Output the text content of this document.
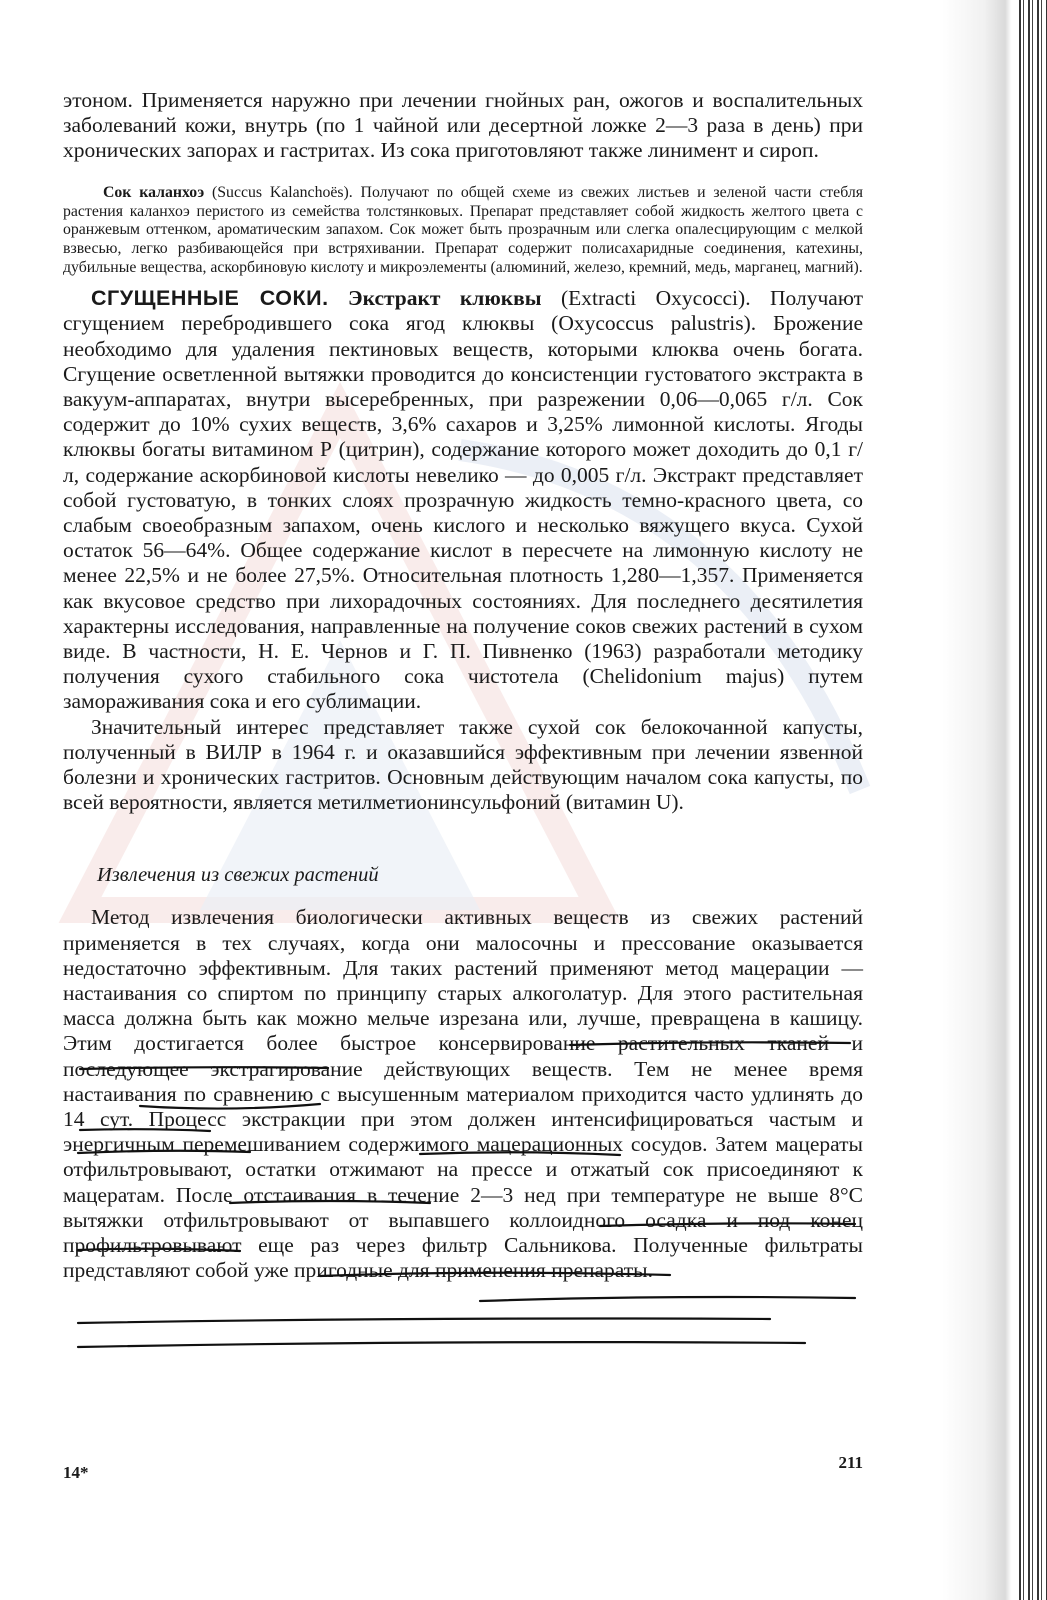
этоном. Применяется наружно при лечении гнойных ран, ожогов и воспалительных заболеваний кожи, внутрь (по 1 чайной или десертной ложке 2—3 раза в день) при хронических запорах и гастритах. Из сока приготовляют также линимент и сироп.

Сок каланхоэ (Succus Kalanchoës). Получают по общей схеме из свежих листьев и зеленой части стебля растения каланхоэ перистого из семейства толстянковых. Препарат представляет собой жидкость желтого цвета с оранжевым оттенком, ароматическим запахом. Сок может быть прозрачным или слегка опалесцирующим с мелкой взвесью, легко разбивающейся при встряхивании. Препарат содержит полисахаридные соединения, катехины, дубильные вещества, аскорбиновую кислоту и микроэлементы (алюминий, железо, кремний, медь, марганец, магний).

СГУЩЕННЫЕ СОКИ. Экстракт клюквы (Extracti Oxycocci). Получают сгущением перебродившего сока ягод клюквы (Oxycoccus palustris). Брожение необходимо для удаления пектиновых веществ, которыми клюква очень богата. Сгущение осветленной вытяжки проводится до консистенции густоватого экстракта в вакуум-аппаратах, внутри высеребренных, при разрежении 0,06—0,065 г/л. Сок содержит до 10% сухих веществ, 3,6% сахаров и 3,25% лимонной кислоты. Ягоды клюквы богаты витамином Р (цитрин), содержание которого может доходить до 0,1 г/л, содержание аскорбиновой кислоты невелико — до 0,005 г/л. Экстракт представляет собой густоватую, в тонких слоях прозрачную жидкость темно-красного цвета, со слабым своеобразным запахом, очень кислого и несколько вяжущего вкуса. Сухой остаток 56—64%. Общее содержание кислот в пересчете на лимонную кислоту не менее 22,5% и не более 27,5%. Относительная плотность 1,280—1,357. Применяется как вкусовое средство при лихорадочных состояниях. Для последнего десятилетия характерны исследования, направленные на получение соков свежих растений в сухом виде. В частности, Н. Е. Чернов и Г. П. Пивненко (1963) разработали методику получения сухого стабильного сока чистотела (Chelidonium majus) путем замораживания сока и его сублимации.

Значительный интерес представляет также сухой сок белокочанной капусты, полученный в ВИЛР в 1964 г. и оказавшийся эффективным при лечении язвенной болезни и хронических гастритов. Основным действующим началом сока капусты, по всей вероятности, является метилметионинсульфоний (витамин U).

Извлечения из свежих растений

Метод извлечения биологически активных веществ из свежих растений применяется в тех случаях, когда они малосочны и прессование оказывается недостаточно эффективным. Для таких растений применяют метод мацерации — настаивания со спиртом по принципу старых алкоголатур. Для этого растительная масса должна быть как можно мельче изрезана или, лучше, превращена в кашицу. Этим достигается более быстрое консервирование растительных тканей и последующее экстрагирование действующих веществ. Тем не менее время настаивания по сравнению с высушенным материалом приходится часто удлинять до 14 сут. Процесс экстракции при этом должен интенсифицироваться частым и энергичным перемешиванием содержимого мацерационных сосудов. Затем мацераты отфильтровывают, остатки отжимают на прессе и отжатый сок присоединяют к мацератам. После отстаивания в течение 2—3 нед при температуре не выше 8°С вытяжки отфильтровывают от выпавшего коллоидного осадка и под конец профильтровывают еще раз через фильтр Сальникова. Полученные фильтраты представляют собой уже пригодные для применения препараты.

14*
211
